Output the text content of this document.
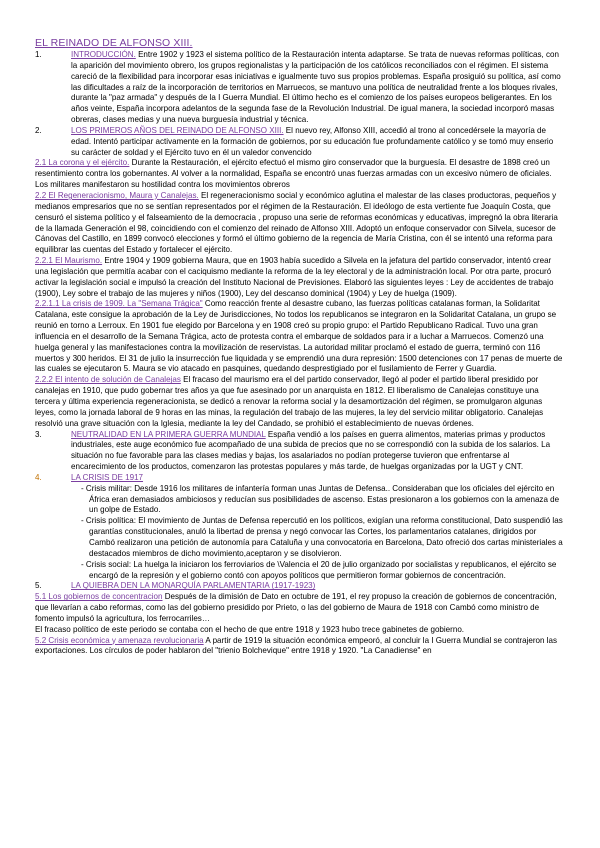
EL REINADO DE ALFONSO XIII.

1.	INTRODUCCIÓN. Entre 1902 y 1923 el sistema político de la Restauración intenta adaptarse. Se trata de nuevas reformas políticas, con la aparición del movimiento obrero, los grupos regionalistas y la participación de los católicos reconciliados con el régimen. El sistema careció de la flexibilidad para incorporar esas iniciativas e igualmente tuvo sus propios problemas. España prosiguió su política, así como las dificultades a raíz de la incorporación de territorios en Marruecos, se mantuvo una política de neutralidad frente a los bloques rivales, durante la "paz armada" y después de la I Guerra Mundial. El último hecho es el comienzo de los países europeos beligerantes. En los años veinte, España incorpora adelantos de la segunda fase de la Revolución Industrial. De igual manera, la sociedad incorporó masas obreras, clases medias y una nueva burguesía industrial y técnica.

2.	LOS PRIMEROS AÑOS DEL REINADO DE ALFONSO XIII. El nuevo rey, Alfonso XIII, accedió al trono al concedérsele la mayoría de edad. Intentó participar activamente en la formación de gobiernos, por su educación fue profundamente católico y se tomó muy enserio su carácter de soldad y el Ejército tuvo en él un valedor convencido

2.1 La corona y el ejército. Durante la Restauración, el ejército efectuó el mismo giro conservador que la burguesía. El desastre de 1898 creó un resentimiento contra los gobernantes. Al volver a la normalidad, España se encontró unas fuerzas armadas con un excesivo número de oficiales. Los militares manifestaron su hostilidad contra los movimientos obreros

2.2 El Regeneracionismo, Maura y Canalejas. El regeneracionismo social y económico aglutina el malestar de las clases productoras, pequeños y medianos empresarios que no se sentían representados por el régimen de la Restauración. El ideólogo de esta vertiente fue Joaquín Costa, que censuró el sistema político y el falseamiento de la democracia , propuso una serie de reformas económicas y educativas, impregnó la obra literaria de la llamada Generación el 98, coincidiendo con el comienzo del reinado de Alfonso XIII. Adoptó un enfoque conservador con Silvela, sucesor de Cánovas del Castillo, en 1899 convocó elecciones y formó el último gobierno de la regencia de María Cristina, con él se intentó una reforma para equilibrar las cuentas del Estado y fortalecer el ejército.

2.2.1 El Maurismo. Entre 1904 y 1909 gobierna Maura, que en 1903 había sucedido a Silvela en la jefatura del partido conservador, intentó crear una legislación que permitía acabar con el caciquismo mediante la reforma de la ley electoral y de la administración local. Por otra parte, procuró activar la legislación social e impulsó la creación del Instituto Nacional de Previsiones. Elaboró las siguientes leyes : Ley de accidentes de trabajo (1900), Ley sobre el trabajo de las mujeres y niños (1900), Ley del descanso dominical (1904) y Ley de huelga (1909).

2.2.1.1 La crisis de 1909. La "Semana Trágica" Como reacción frente al desastre cubano, las fuerzas políticas catalanas forman, la Solidaritat Catalana, este consigue la aprobación de la Ley de Jurisdicciones, No todos los republicanos se integraron en la Solidaritat Catalana, un grupo se reunió en torno a Lerroux. En 1901 fue elegido por Barcelona y en 1908 creó su propio grupo: el Partido Republicano Radical. Tuvo una gran influencia en el desarrollo de la Semana Trágica, acto de protesta contra el embarque de soldados para ir a luchar a Marruecos. Comenzó una huelga general y las manifestaciones contra la movilización de reservistas. La autoridad militar proclamó el estado de guerra, terminó con 116 muertos y 300 heridos. El 31 de julio la insurrección fue liquidada y se emprendió una dura represión: 1500 detenciones con 17 penas de muerte de las cuales se ejecutaron 5. Maura se vio atacado en pasquines, quedando desprestigiado por el fusilamiento de Ferrer y Guardia.

2.2.2 El intento de solución de Canalejas El fracaso del maurismo era el del partido conservador, llegó al poder el partido liberal presidido por canalejas en 1910, que pudo gobernar tres años ya que fue asesinado por un anarquista en 1812. El liberalismo de Canalejas constituye una tercera y última experiencia regeneracionista, se dedicó a renovar la reforma social y la desamortización del régimen, se promulgaron algunas leyes, como la jornada laboral de 9 horas en las minas, la regulación del trabajo de las mujeres, la ley del servicio militar obligatorio. Canalejas resolvió una grave situación con la Iglesia, mediante la ley del Candado, se prohibió el establecimiento de nuevas órdenes.

3.	NEUTRALIDAD EN LA PRIMERA GUERRA MUNDIAL España vendió a los países en guerra alimentos, materias primas y productos industriales, este auge económico fue acompañado de una subida de precios que no se correspondió con la subida de los salarios. La situación no fue favorable para las clases medias y bajas, los asalariados no podían protegerse tuvieron que enfrentarse al encarecimiento de los productos, comenzaron las protestas populares y más tarde, de huelgas organizadas por la UGT y CNT.

4.	LA CRISIS DE 1917

- Crisis militar: Desde 1916 los militares de infantería forman unas Juntas de Defensa.. Consideraban que los oficiales del ejército en África eran demasiados ambiciosos y reducían sus posibilidades de ascenso. Estas presionaron a los gobiernos con la amenaza de un golpe de Estado.

- Crisis política: El movimiento de Juntas de Defensa repercutió en los políticos, exigían una reforma constitucional, Dato suspendió las garantías constitucionales, anuló la libertad de prensa y negó convocar las Cortes, los parlamentarios catalanes, dirigidos por Cambó realizaron una petición de autonomía para Cataluña y una convocatoria en Barcelona, Dato ofreció dos cartas ministeriales a destacados miembros de dicho movimiento,aceptaron y se disolvieron.

- Crisis social: La huelga la iniciaron los ferroviarios de \Valencia el 20 de julio organizado por socialistas y republicanos, el ejército se encargó de la represión y el gobierno contó con apoyos políticos que permitieron formar gobiernos de concentración.

5.	LA QUIEBRA DEN LA MONARQUÍA PARLAMENTARIA (1917-1923)

5.1 Los gobiernos de concentracion Después de la dimisión de Dato en octubre de 191, el rey propuso la creación de gobiernos de concentración, que llevarían a cabo reformas, como las del gobierno presidido por Prieto, o las del gobierno de Maura de 1918 con Cambó como ministro de fomento impulsó la agricultura, los ferrocarriles…

El fracaso político de este periodo se contaba con el hecho de que entre 1918 y 1923 hubo trece gabinetes de gobierno.

5.2 Crisis económica y amenaza revolucionaria A partir de 1919 la situación económica empeoró, al concluir la I Guerra Mundial se contrajeron las exportaciones. Los círculos de poder hablaron del "trienio Bolchevique" entre 1918 y 1920. "La Canadiense" en
